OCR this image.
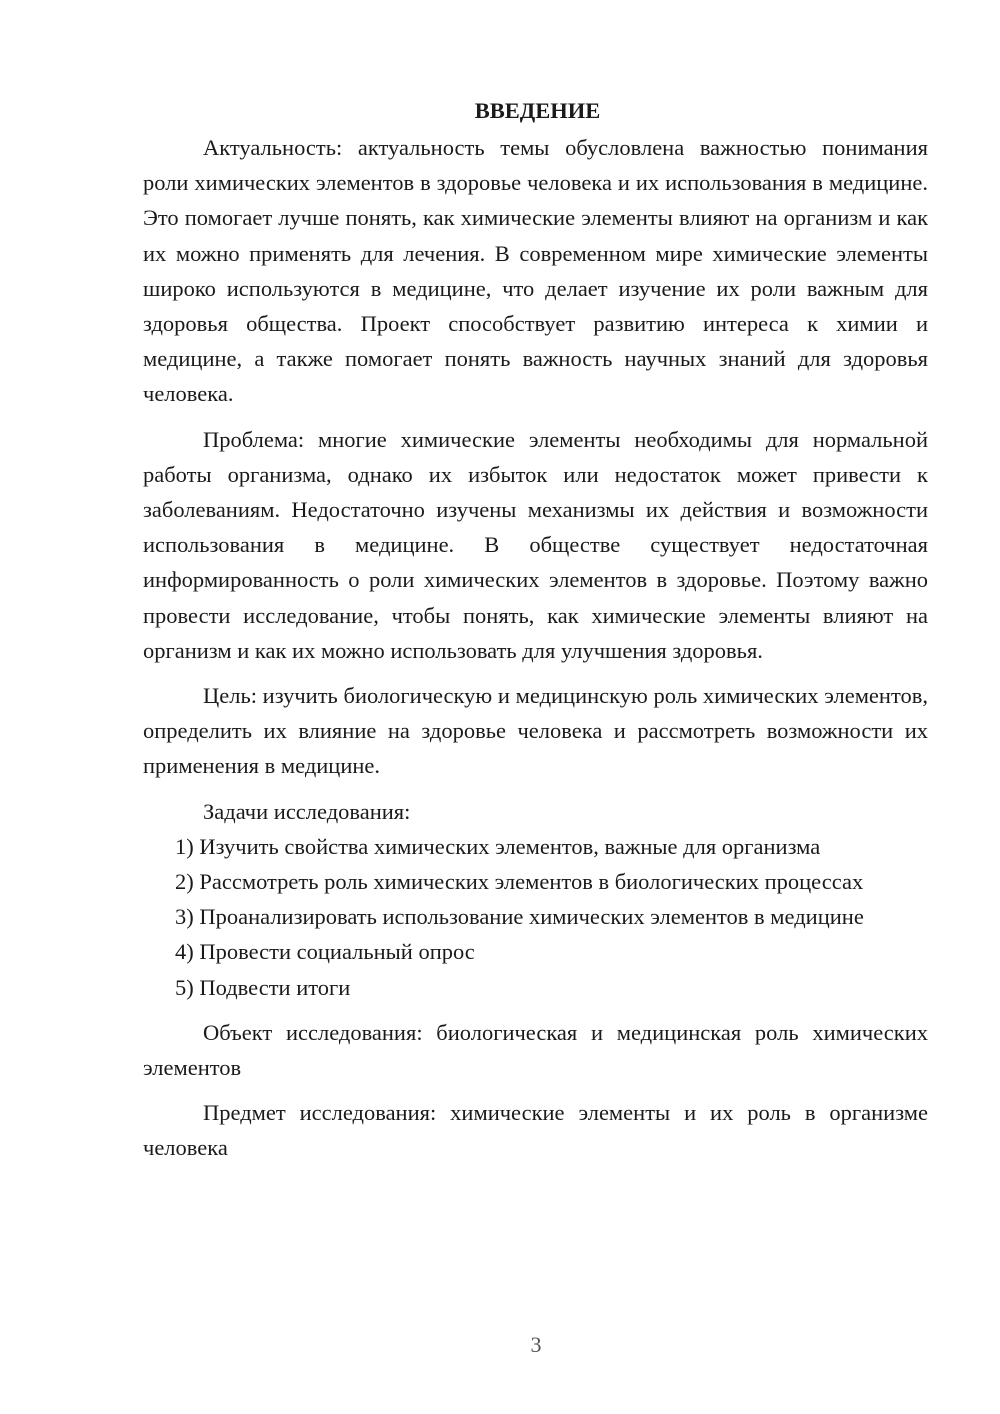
ВВЕДЕНИЕ

Актуальность: актуальность темы обусловлена важностью понимания роли химических элементов в здоровье человека и их использования в медицине. Это помогает лучше понять, как химические элементы влияют на организм и как их можно применять для лечения. В современном мире химические элементы широко используются в медицине, что делает изучение их роли важным для здоровья общества. Проект способствует развитию интереса к химии и медицине, а также помогает понять важность научных знаний для здоровья человека.

Проблема: многие химические элементы необходимы для нормальной работы организма, однако их избыток или недостаток может привести к заболеваниям. Недостаточно изучены механизмы их действия и возможности использования в медицине. В обществе существует недостаточная информированность о роли химических элементов в здоровье. Поэтому важно провести исследование, чтобы понять, как химические элементы влияют на организм и как их можно использовать для улучшения здоровья.

Цель: изучить биологическую и медицинскую роль химических элементов, определить их влияние на здоровье человека и рассмотреть возможности их применения в медицине.

Задачи исследования:

1) Изучить свойства химических элементов, важные для организма

2) Рассмотреть роль химических элементов в биологических процессах

3) Проанализировать использование химических элементов в медицине

4) Провести социальный опрос

5) Подвести итоги

Объект исследования: биологическая и медицинская роль химических элементов

Предмет исследования: химические элементы и их роль в организме человека

3
